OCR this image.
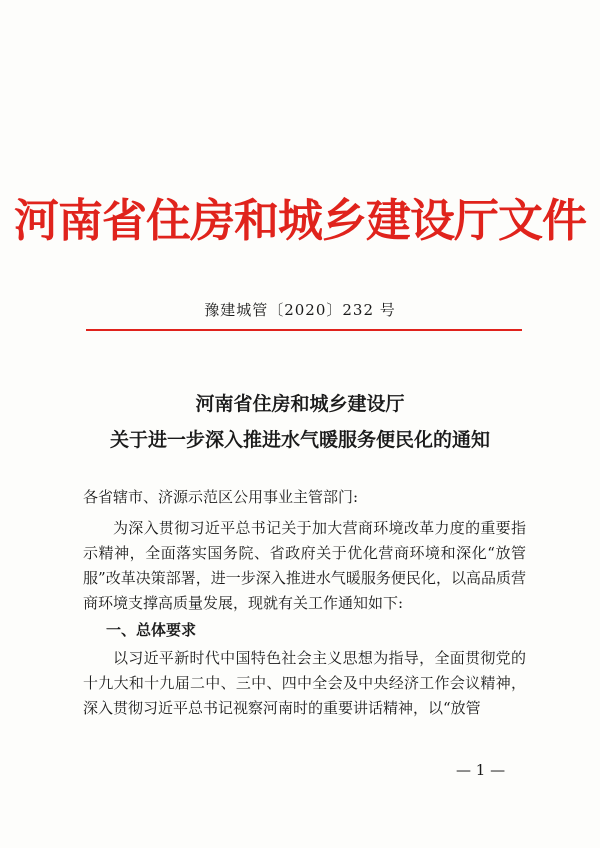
河南省住房和城乡建设厅文件
豫建城管〔2020〕232 号
河南省住房和城乡建设厅
关于进一步深入推进水气暖服务便民化的通知

各省辖市、济源示范区公用事业主管部门:

为深入贯彻习近平总书记关于加大营商环境改革力度的重要指示精神，全面落实国务院、省政府关于优化营商环境和深化“放管服”改革决策部署，进一步深入推进水气暖服务便民化，以高品质营商环境支撑高质量发展，现就有关工作通知如下:

一、总体要求

以习近平新时代中国特色社会主义思想为指导，全面贯彻党的十九大和十九届二中、三中、四中全会及中央经济工作会议精神，深入贯彻习近平总书记视察河南时的重要讲话精神，以“放管

— 1 —
